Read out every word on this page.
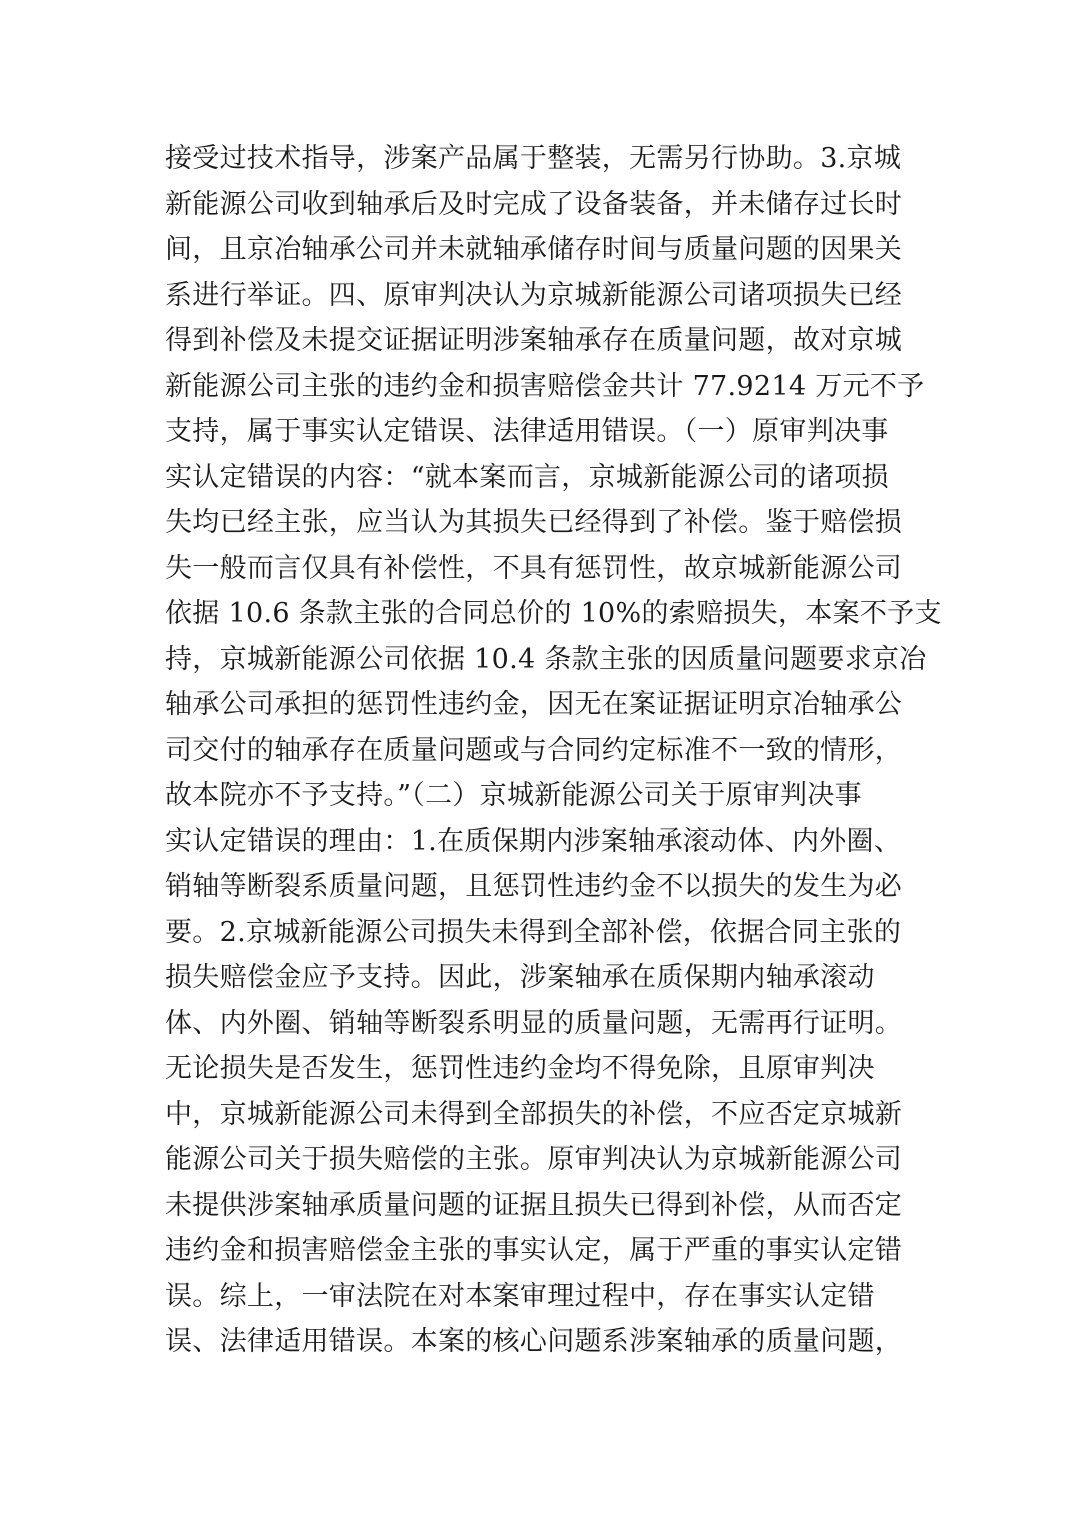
接受过技术指导，涉案产品属于整装，无需另行协助。3.京城
新能源公司收到轴承后及时完成了设备装备，并未储存过长时
间，且京冶轴承公司并未就轴承储存时间与质量问题的因果关
系进行举证。四、原审判决认为京城新能源公司诸项损失已经
得到补偿及未提交证据证明涉案轴承存在质量问题，故对京城
新能源公司主张的违约金和损害赔偿金共计 77.9214 万元不予
支持，属于事实认定错误、法律适用错误。（一）原审判决事
实认定错误的内容：“就本案而言，京城新能源公司的诸项损
失均已经主张，应当认为其损失已经得到了补偿。鉴于赔偿损
失一般而言仅具有补偿性，不具有惩罚性，故京城新能源公司
依据 10.6 条款主张的合同总价的 10%的索赔损失，本案不予支
持，京城新能源公司依据 10.4 条款主张的因质量问题要求京冶
轴承公司承担的惩罚性违约金，因无在案证据证明京冶轴承公
司交付的轴承存在质量问题或与合同约定标准不一致的情形，
故本院亦不予支持。”（二）京城新能源公司关于原审判决事
实认定错误的理由：1.在质保期内涉案轴承滚动体、内外圈、
销轴等断裂系质量问题，且惩罚性违约金不以损失的发生为必
要。2.京城新能源公司损失未得到全部补偿，依据合同主张的
损失赔偿金应予支持。因此，涉案轴承在质保期内轴承滚动
体、内外圈、销轴等断裂系明显的质量问题，无需再行证明。
无论损失是否发生，惩罚性违约金均不得免除，且原审判决
中，京城新能源公司未得到全部损失的补偿，不应否定京城新
能源公司关于损失赔偿的主张。原审判决认为京城新能源公司
未提供涉案轴承质量问题的证据且损失已得到补偿，从而否定
违约金和损害赔偿金主张的事实认定，属于严重的事实认定错
误。综上，一审法院在对本案审理过程中，存在事实认定错
误、法律适用错误。本案的核心问题系涉案轴承的质量问题，
